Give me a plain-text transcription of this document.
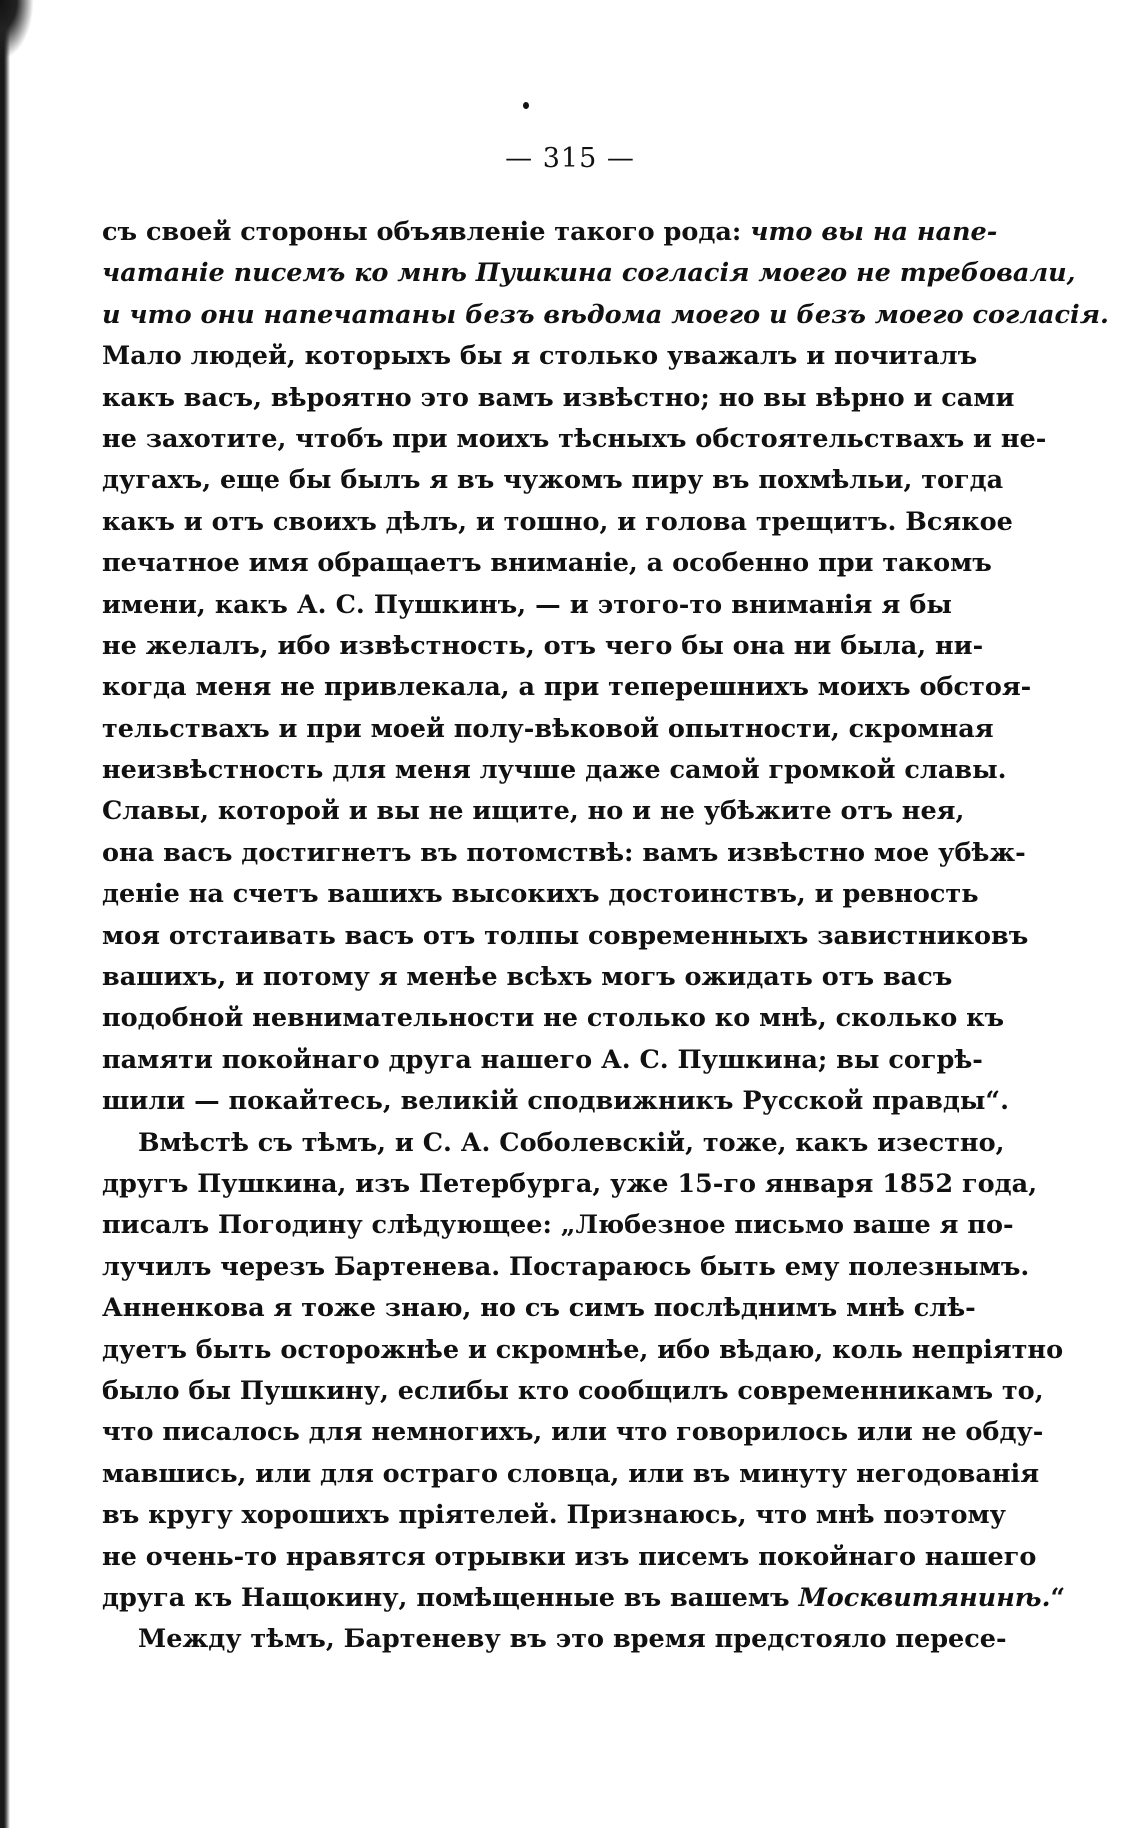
— 315 —
съ своей стороны объявленіе такого рода: что вы на напе-
чатаніе писемъ ко мнѣ Пушкина согласія моего не требовали,
и что они напечатаны безъ вѣдома моего и безъ моего согласія.
Мало людей, которыхъ бы я столько уважалъ и почиталъ
какъ васъ, вѣроятно это вамъ извѣстно; но вы вѣрно и сами
не захотите, чтобъ при моихъ тѣсныхъ обстоятельствахъ и не-
дугахъ, еще бы былъ я въ чужомъ пиру въ похмѣльи, тогда
какъ и отъ своихъ дѣлъ, и тошно, и голова трещитъ. Всякое
печатное имя обращаетъ вниманіе, а особенно при такомъ
имени, какъ А. С. Пушкинъ, — и этого-то вниманія я бы
не желалъ, ибо извѣстность, отъ чего бы она ни была, ни-
когда меня не привлекала, а при теперешнихъ моихъ обстоя-
тельствахъ и при моей полу-вѣковой опытности, скромная
неизвѣстность для меня лучше даже самой громкой славы.
Славы, которой и вы не ищите, но и не убѣжите отъ нея,
она васъ достигнетъ въ потомствѣ: вамъ извѣстно мое убѣж-
деніе на счетъ вашихъ высокихъ достоинствъ, и ревность
моя отстаивать васъ отъ толпы современныхъ завистниковъ
вашихъ, и потому я менѣе всѣхъ могъ ожидать отъ васъ
подобной невнимательности не столько ко мнѣ, сколько къ
памяти покойнаго друга нашего А. С. Пушкина; вы согрѣ-
шили — покайтесь, великій сподвижникъ Русской правды“.
Вмѣстѣ съ тѣмъ, и С. А. Соболевскій, тоже, какъ изестно,
другъ Пушкина, изъ Петербурга, уже 15-го января 1852 года,
писалъ Погодину слѣдующее: „Любезное письмо ваше я по-
лучилъ черезъ Бартенева. Постараюсь быть ему полезнымъ.
Анненкова я тоже знаю, но съ симъ послѣднимъ мнѣ слѣ-
дуетъ быть осторожнѣе и скромнѣе, ибо вѣдаю, коль непріятно
было бы Пушкину, еслибы кто сообщилъ современникамъ то,
что писалось для немногихъ, или что говорилось или не обду-
мавшись, или для остраго словца, или въ минуту негодованія
въ кругу хорошихъ пріятелей. Признаюсь, что мнѣ поэтому
не очень-то нравятся отрывки изъ писемъ покойнаго нашего
друга къ Нащокину, помѣщенные въ вашемъ Москвитянинѣ.“
Между тѣмъ, Бартеневу въ это время предстояло пересе-
